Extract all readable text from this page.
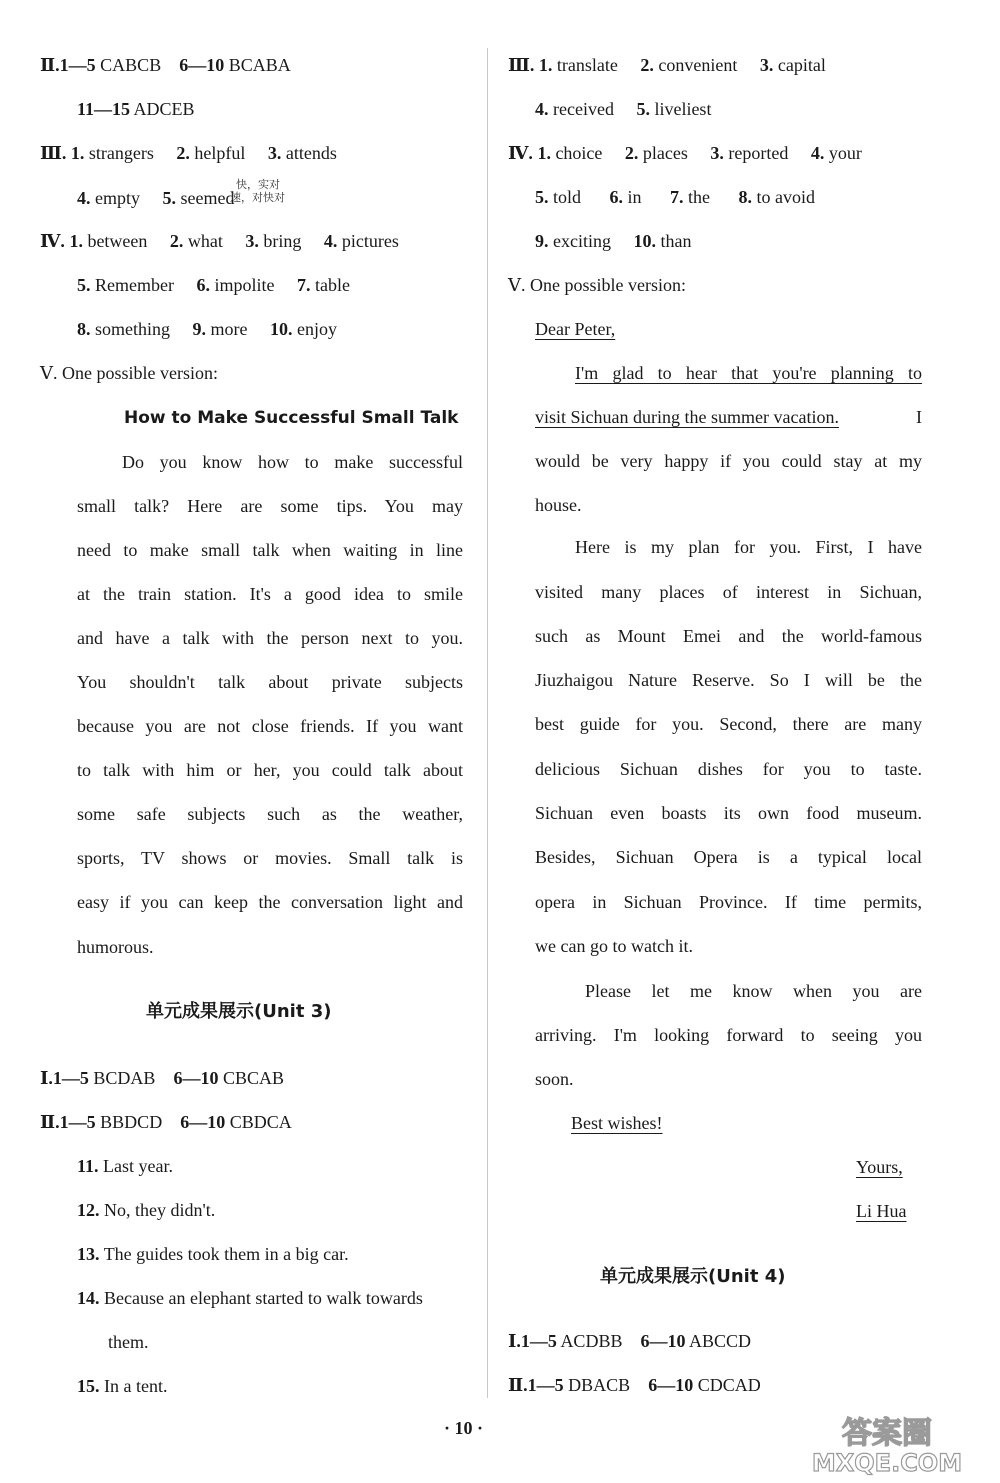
Ⅱ.1—5 CABCB 6—10 BCABA
11—15 ADCEB
Ⅲ. 1. strangers 2. helpful 3. attends
4. empty 5. seemed
快，实对
速，对快对
Ⅳ. 1. between 2. what 3. bring 4. pictures
5. Remember 6. impolite 7. table
8. something 9. more 10. enjoy
Ⅴ. One possible version:
How to Make Successful Small Talk
Do you know how to make successful
small talk? Here are some tips. You may
need to make small talk when waiting in line
at the train station. It's a good idea to smile
and have a talk with the person next to you.
You shouldn't talk about private subjects
because you are not close friends. If you want
to talk with him or her, you could talk about
some safe subjects such as the weather,
sports, TV shows or movies. Small talk is
easy if you can keep the conversation light and
humorous.
单元成果展示(Unit 3)
Ⅰ.1—5 BCDAB 6—10 CBCAB
Ⅱ.1—5 BBDCD 6—10 CBDCA
11. Last year.
12. No, they didn't.
13. The guides took them in a big car.
14. Because an elephant started to walk towards
them.
15. In a tent.
Ⅲ. 1. translate 2. convenient 3. capital
4. received 5. liveliest
Ⅳ. 1. choice 2. places 3. reported 4. your
5. told 6. in 7. the 8. to avoid
9. exciting 10. than
Ⅴ. One possible version:
Dear Peter,
I'm glad to hear that you're planning to
visit Sichuan during the summer vacation.	I
would be very happy if you could stay at my
house.
Here is my plan for you. First, I have
visited many places of interest in Sichuan,
such as Mount Emei and the world-famous
Jiuzhaigou Nature Reserve. So I will be the
best guide for you. Second, there are many
delicious Sichuan dishes for you to taste.
Sichuan even boasts its own food museum.
Besides, Sichuan Opera is a typical local
opera in Sichuan Province. If time permits,
we can go to watch it.
Please let me know when you are
arriving. I'm looking forward to seeing you
soon.
Best wishes!
Yours,
Li Hua
单元成果展示(Unit 4)
Ⅰ.1—5 ACDBB 6—10 ABCCD
Ⅱ.1—5 DBACB 6—10 CDCAD
· 10 ·	答案圈
MXQE.COM
